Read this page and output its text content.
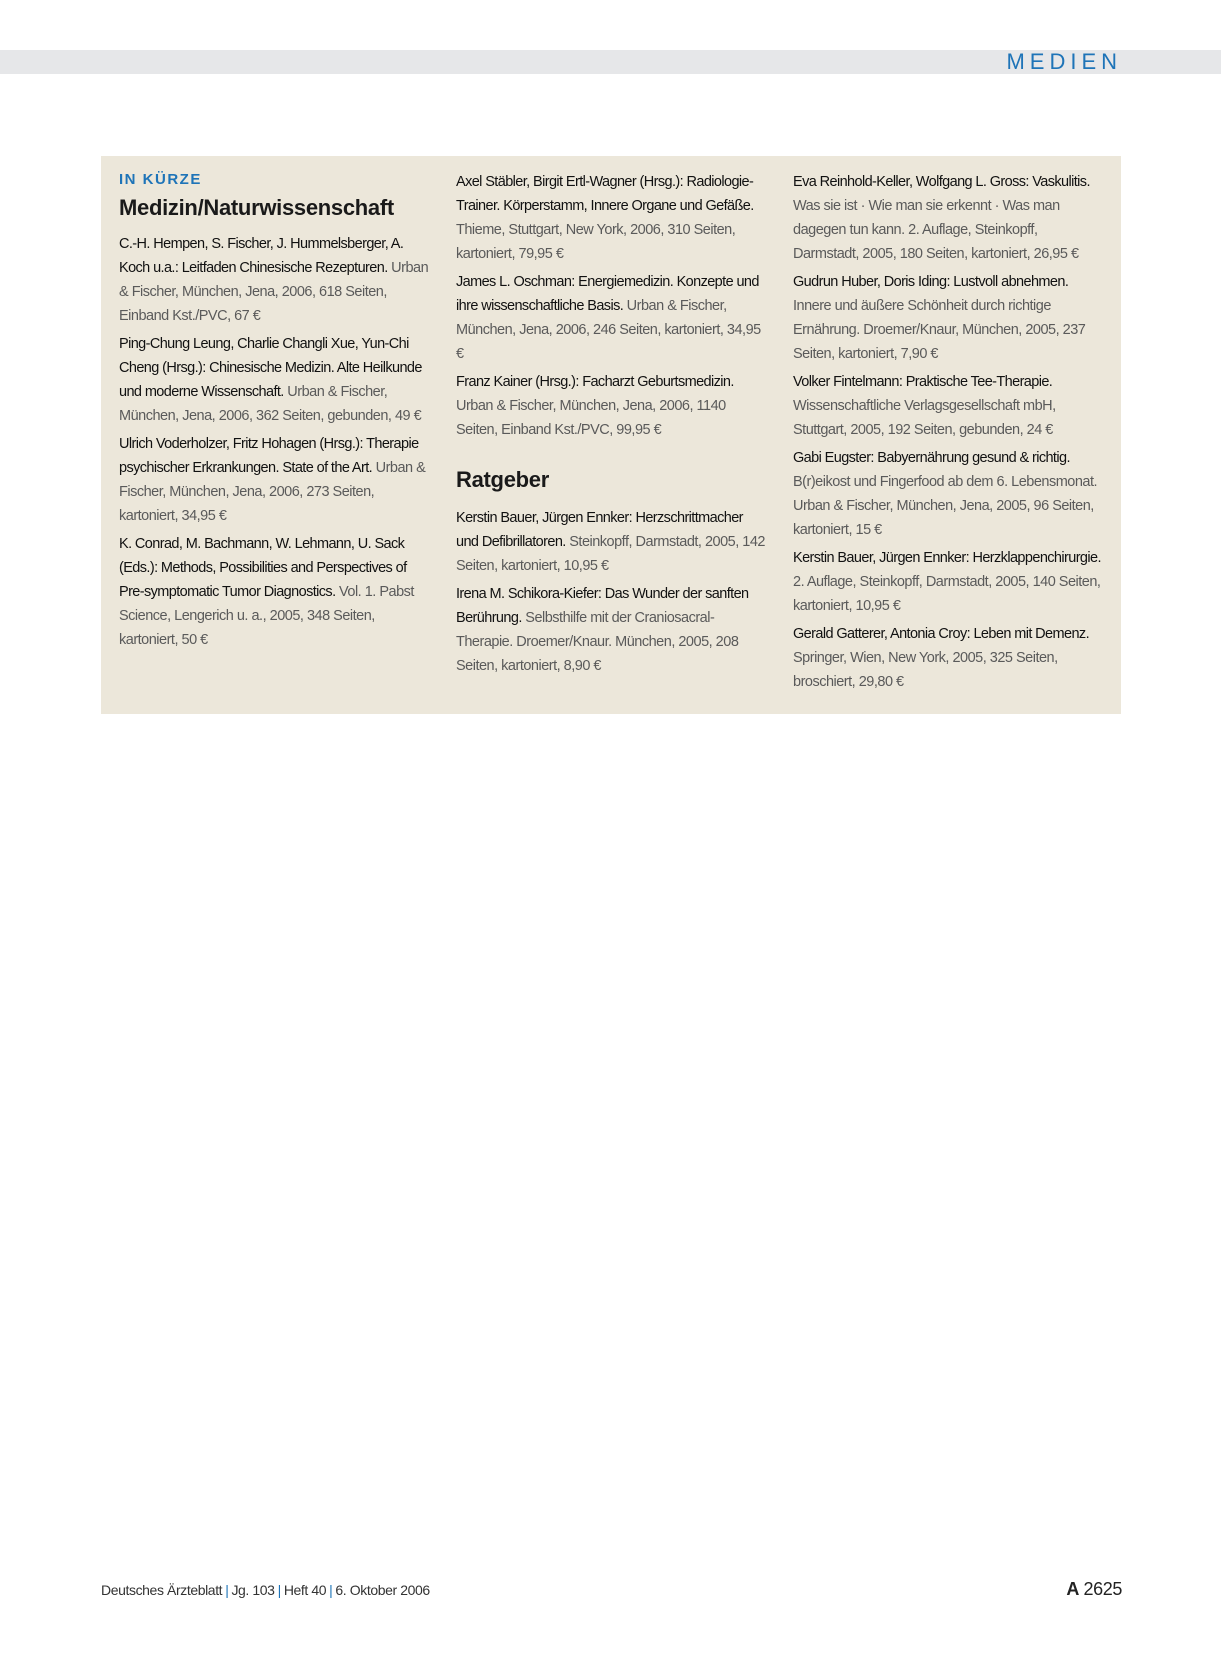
MEDIEN
IN KÜRZE
Medizin/Naturwissenschaft

C.-H. Hempen, S. Fischer, J. Hummelsberger, A. Koch u.a.: Leitfaden Chinesische Rezepturen. Urban & Fischer, München, Jena, 2006, 618 Seiten, Einband Kst./PVC, 67 €

Ping-Chung Leung, Charlie Changli Xue, Yun-Chi Cheng (Hrsg.): Chinesische Medizin. Alte Heilkunde und moderne Wissenschaft. Urban & Fischer, München, Jena, 2006, 362 Seiten, gebunden, 49 €

Ulrich Voderholzer, Fritz Hohagen (Hrsg.): Therapie psychischer Erkrankungen. State of the Art. Urban & Fischer, München, Jena, 2006, 273 Seiten, kartoniert, 34,95 €

K. Conrad, M. Bachmann, W. Lehmann, U. Sack (Eds.): Methods, Possibilities and Perspectives of Pre-symptomatic Tumor Diagnostics. Vol. 1. Pabst Science, Lengerich u. a., 2005, 348 Seiten, kartoniert, 50 €

Axel Stäbler, Birgit Ertl-Wagner (Hrsg.): Radiologie-Trainer. Körperstamm, Innere Organe und Gefäße. Thieme, Stuttgart, New York, 2006, 310 Seiten, kartoniert, 79,95 €

James L. Oschman: Energiemedizin. Konzepte und ihre wissenschaftliche Basis. Urban & Fischer, München, Jena, 2006, 246 Seiten, kartoniert, 34,95 €

Franz Kainer (Hrsg.): Facharzt Geburtsmedizin. Urban & Fischer, München, Jena, 2006, 1140 Seiten, Einband Kst./PVC, 99,95 €

Ratgeber

Kerstin Bauer, Jürgen Ennker: Herzschrittmacher und Defibrillatoren. Steinkopff, Darmstadt, 2005, 142 Seiten, kartoniert, 10,95 €

Irena M. Schikora-Kiefer: Das Wunder der sanften Berührung. Selbsthilfe mit der Craniosacral-Therapie. Droemer/Knaur. München, 2005, 208 Seiten, kartoniert, 8,90 €

Eva Reinhold-Keller, Wolfgang L. Gross: Vaskulitis. Was sie ist · Wie man sie erkennt · Was man dagegen tun kann. 2. Auflage, Steinkopff, Darmstadt, 2005, 180 Seiten, kartoniert, 26,95 €

Gudrun Huber, Doris Iding: Lustvoll abnehmen. Innere und äußere Schönheit durch richtige Ernährung. Droemer/Knaur, München, 2005, 237 Seiten, kartoniert, 7,90 €

Volker Fintelmann: Praktische Tee-Therapie. Wissenschaftliche Verlagsgesellschaft mbH, Stuttgart, 2005, 192 Seiten, gebunden, 24 €

Gabi Eugster: Babyernährung gesund & richtig. B(r)eikost und Fingerfood ab dem 6. Lebensmonat. Urban & Fischer, München, Jena, 2005, 96 Seiten, kartoniert, 15 €

Kerstin Bauer, Jürgen Ennker: Herzklappenchirurgie. 2. Auflage, Steinkopff, Darmstadt, 2005, 140 Seiten, kartoniert, 10,95 €

Gerald Gatterer, Antonia Croy: Leben mit Demenz. Springer, Wien, New York, 2005, 325 Seiten, broschiert, 29,80 €

Deutsches Ärzteblatt | Jg. 103 | Heft 40 | 6. Oktober 2006	A 2625
